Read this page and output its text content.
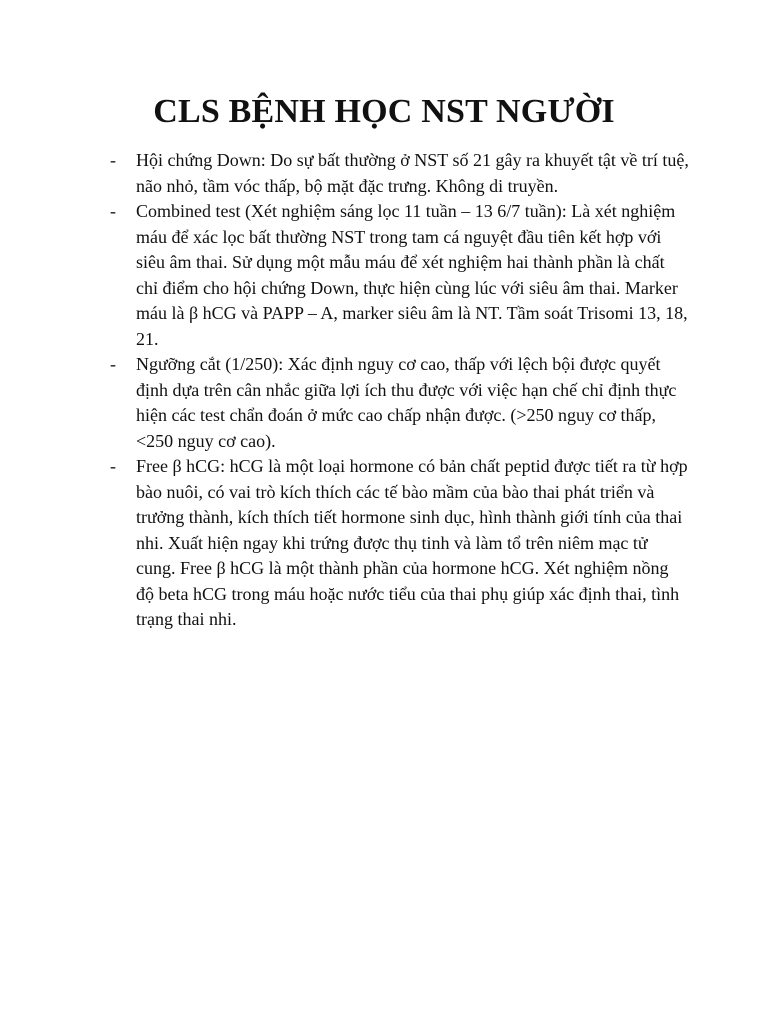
CLS BỆNH HỌC NST NGƯỜI
- Hội chứng Down: Do sự bất thường ở NST số 21 gây ra khuyết tật về trí tuệ, não nhỏ, tầm vóc thấp, bộ mặt đặc trưng. Không di truyền.
- Combined test (Xét nghiệm sáng lọc 11 tuần – 13 6/7 tuần): Là xét nghiệm máu để xác lọc bất thường NST trong tam cá nguyệt đầu tiên kết hợp với siêu âm thai. Sử dụng một mẫu máu để xét nghiệm hai thành phần là chất chỉ điểm cho hội chứng Down, thực hiện cùng lúc với siêu âm thai. Marker máu là β hCG và PAPP – A, marker siêu âm là NT. Tầm soát Trisomi 13, 18, 21.
- Ngưỡng cắt (1/250): Xác định nguy cơ cao, thấp với lệch bội được quyết định dựa trên cân nhắc giữa lợi ích thu được với việc hạn chế chỉ định thực hiện các test chẩn đoán ở mức cao chấp nhận được. (>250 nguy cơ thấp, <250 nguy cơ cao).
- Free β hCG: hCG là một loại hormone có bản chất peptid được tiết ra từ hợp bào nuôi, có vai trò kích thích các tế bào mầm của bào thai phát triển và trưởng thành, kích thích tiết hormone sinh dục, hình thành giới tính của thai nhi. Xuất hiện ngay khi trứng được thụ tinh và làm tổ trên niêm mạc tử cung. Free β hCG là một thành phần của hormone hCG. Xét nghiệm nồng độ beta hCG trong máu hoặc nước tiểu của thai phụ giúp xác định thai, tình trạng thai nhi.
